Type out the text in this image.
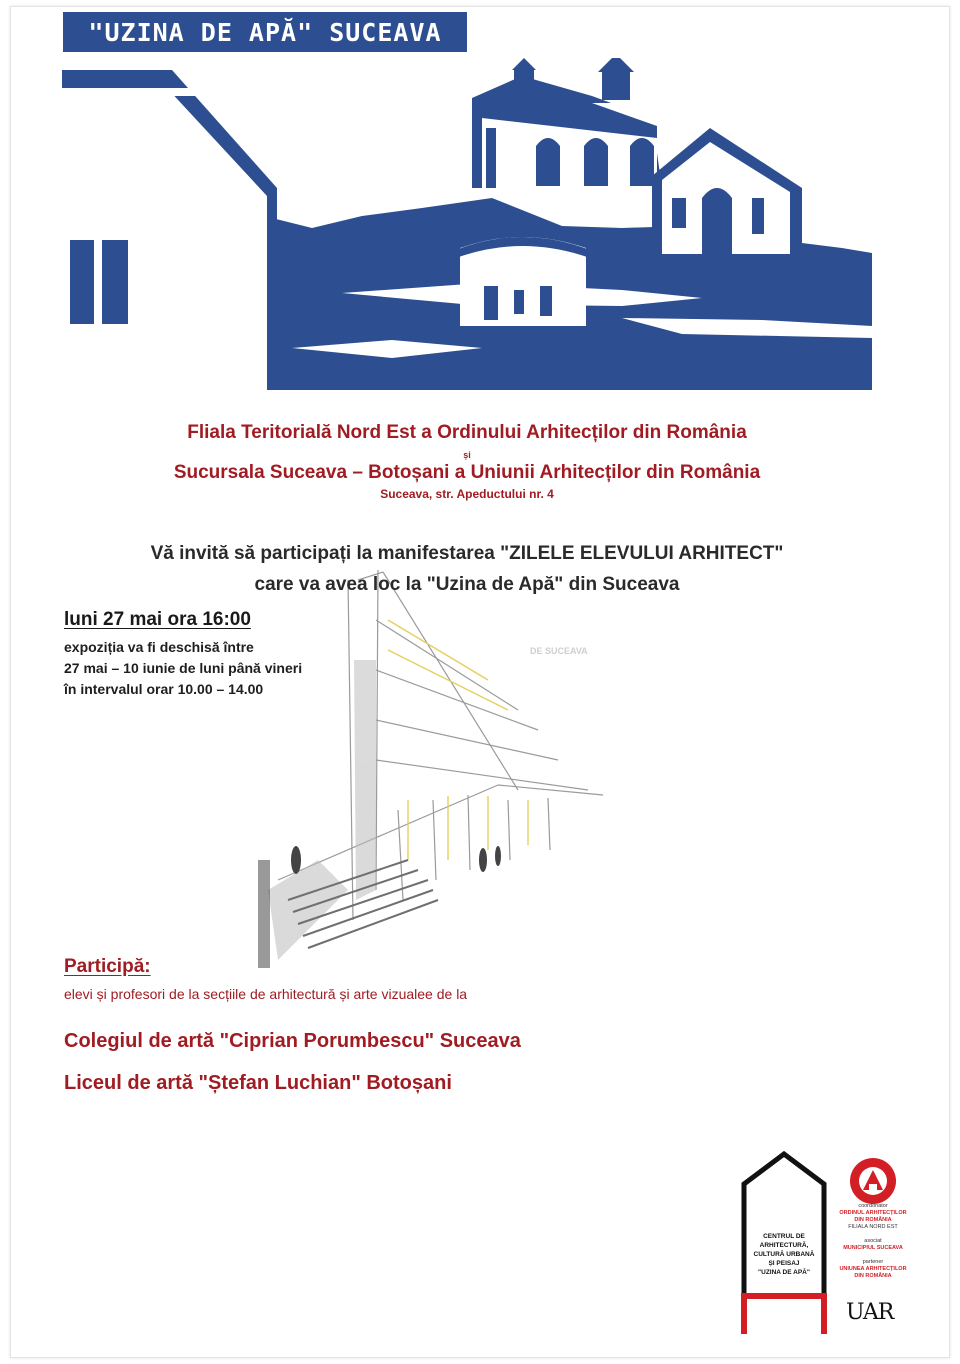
"UZINA DE APĂ" SUCEAVA
Fliala Teritorială Nord Est a Ordinului Arhitecților din România
și
Sucursala Suceava – Botoșani a Uniunii Arhitecților din România
Suceava, str. Apeductului nr. 4
DE SUCEAVA
Vă invită să participați la manifestarea "ZILELE ELEVULUI ARHITECT"
care va avea loc la "Uzina de Apă" din Suceava
luni 27 mai ora 16:00
expoziția va fi deschisă între
27 mai – 10 iunie de luni până vineri
în intervalul orar 10.00 – 14.00
Participă:
elevi și profesori de la secțiile de arhitectură și arte vizualee de la
Colegiul de artă "Ciprian Porumbescu" Suceava
Liceul de artă "Ștefan Luchian" Botoșani
CENTRUL DE
ARHITECTURĂ,
CULTURĂ URBANĂ
ȘI PEISAJ
"UZINA DE APĂ"
coordonator
ORDINUL ARHITECȚILOR
DIN ROMÂNIA
FILIALA NORD EST
asociat
MUNICIPIUL SUCEAVA
partener
UNIUNEA ARHITECȚILOR
DIN ROMÂNIA
UAR
